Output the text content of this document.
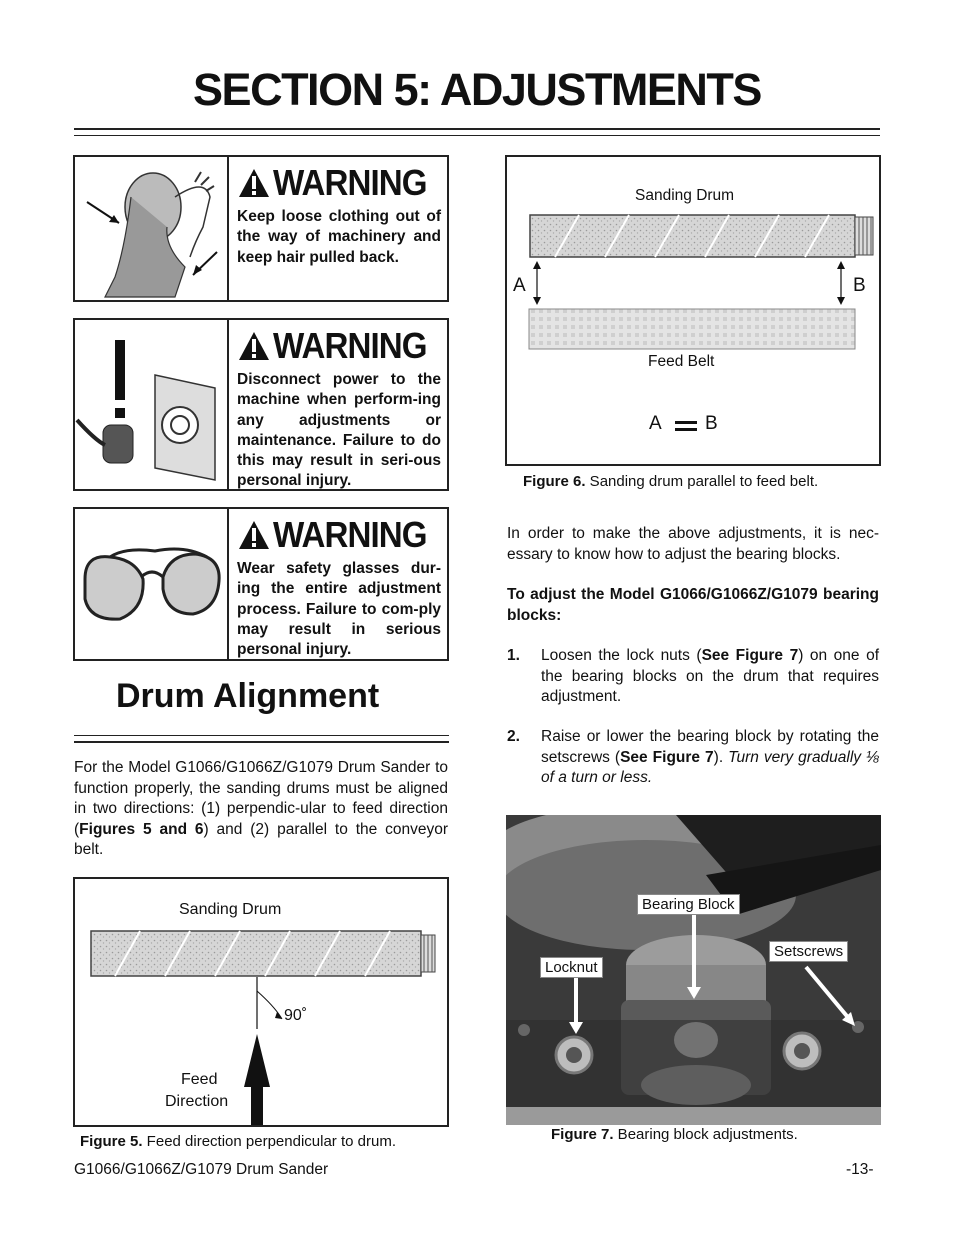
SECTION 5: ADJUSTMENTS
WARNING
Keep loose clothing out of the way of machinery and keep hair pulled back.
WARNING
Disconnect power to the machine when perform-ing any adjustments or maintenance. Failure to do this may result in seri-ous personal injury.
WARNING
Wear safety glasses dur-ing the entire adjustment process. Failure to com-ply may result in serious personal injury.
Drum Alignment
For the Model G1066/G1066Z/G1079 Drum Sander to function properly, the sanding drums must be aligned in two directions: (1) perpendic-ular to feed direction (Figures 5 and 6) and (2) parallel to the conveyor belt.
Sanding Drum
90˚
Feed
Direction
Figure 5. Feed direction perpendicular to drum.
Sanding Drum
A	B
Feed Belt
A B
Figure 6. Sanding drum parallel to feed belt.
In order to make the above adjustments, it is nec-essary to know how to adjust the bearing blocks.
To adjust the Model G1066/G1066Z/G1079 bearing blocks:
1. Loosen the lock nuts (See Figure 7) on one of the bearing blocks on the drum that requires adjustment.
2. Raise or lower the bearing block by rotating the setscrews (See Figure 7). Turn very gradually ⅛ of a turn or less.
Bearing Block
Setscrews
Locknut
Figure 7. Bearing block adjustments.
G1066/G1066Z/G1079 Drum Sander	-13-
